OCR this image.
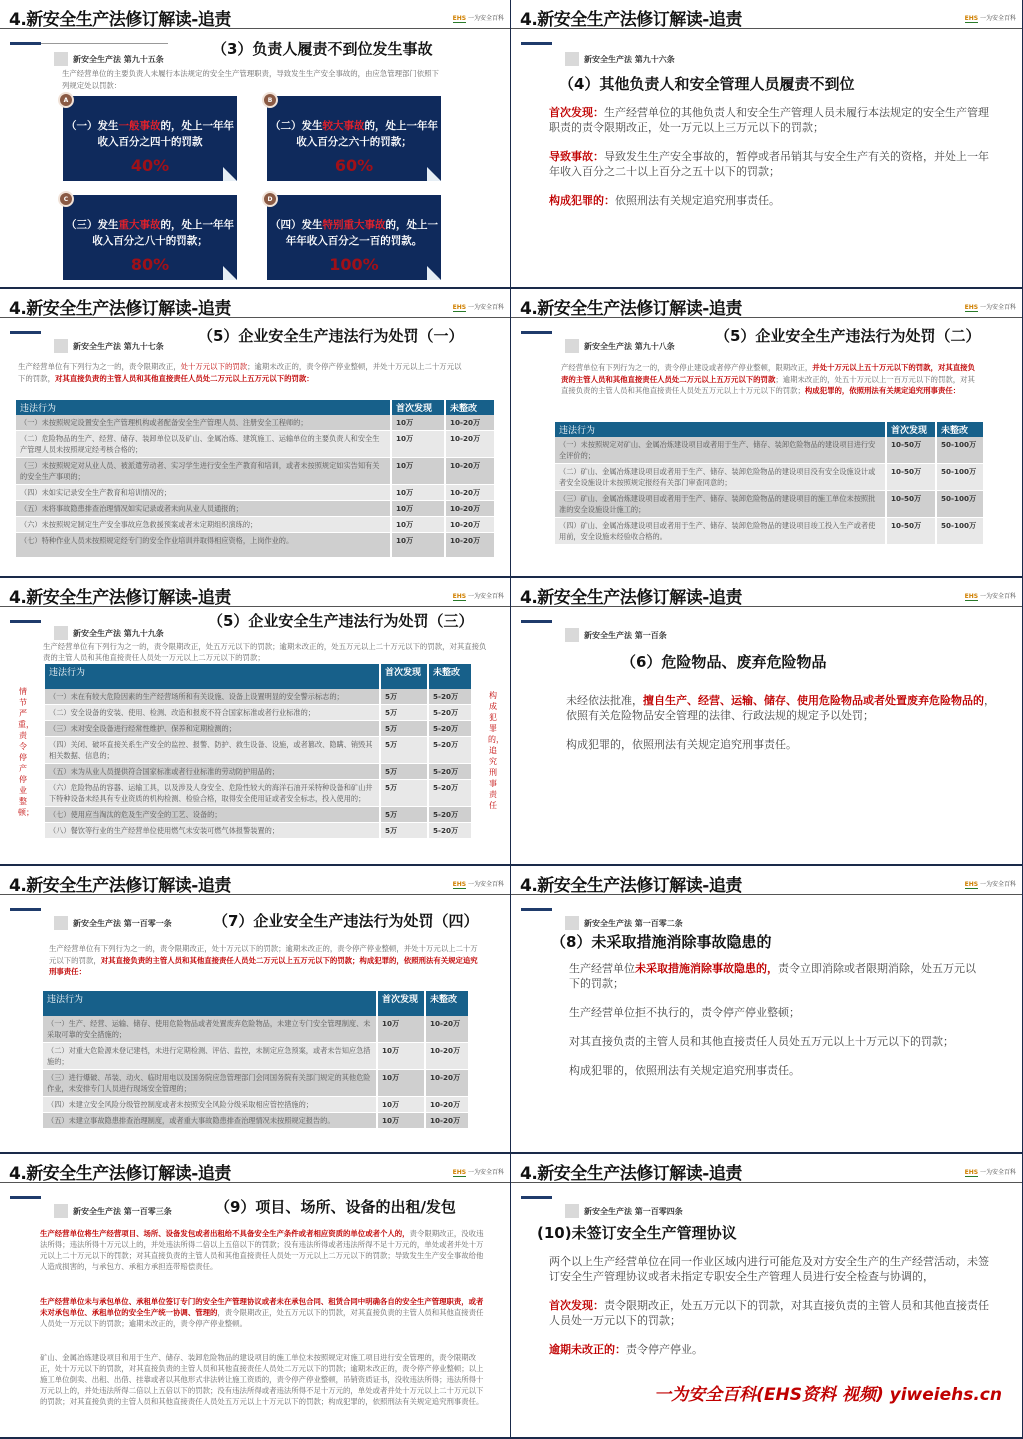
4.新安全生产法修订解读-追责	EHS 一为安全百科
新安全生产法 第九十五条
（3）负责人履责不到位发生事故
生产经营单位的主要负责人未履行本法规定的安全生产管理职责，导致发生生产安全事故的，由应急管理部门依照下列规定处以罚款：
（一）发生一般事故的，处上一年年收入百分之四十的罚款
40%
A
（二）发生较大事故的，处上一年年收入百分之六十的罚款；
60%
B
（三）发生重大事故的，处上一年年收入百分之八十的罚款；
80%
C
（四）发生特别重大事故的，处上一年年收入百分之一百的罚款。
100%
D
4.新安全生产法修订解读-追责	EHS 一为安全百科
新安全生产法 第九十六条
（4）其他负责人和安全管理人员履责不到位

首次发现：生产经营单位的其他负责人和安全生产管理人员未履行本法规定的安全生产管理职责的责令限期改正，处一万元以上三万元以下的罚款；

导致事故：导致发生生产安全事故的，暂停或者吊销其与安全生产有关的资格，并处上一年年收入百分之二十以上百分之五十以下的罚款；

构成犯罪的：依照刑法有关规定追究刑事责任。

4.新安全生产法修订解读-追责	EHS 一为安全百科
新安全生产法 第九十七条
（5）企业安全生产违法行为处罚（一）
生产经营单位有下列行为之一的，责令限期改正，处十万元以下的罚款；逾期未改正的，责令停产停业整顿，并处十万元以上二十万元以下的罚款，对其直接负责的主管人员和其他直接责任人员处二万元以上五万元以下的罚款：
违法行为	首次发现	未整改
（一）未按照规定设置安全生产管理机构或者配备安全生产管理人员、注册安全工程师的；	10万	10-20万
（二）危险物品的生产、经营、储存、装卸单位以及矿山、金属冶炼、建筑施工、运输单位的主要负责人和安全生产管理人员未按照规定经考核合格的；	10万	10-20万
（三）未按照规定对从业人员、被派遣劳动者、实习学生进行安全生产教育和培训，或者未按照规定如实告知有关的安全生产事项的；	10万	10-20万
（四）未如实记录安全生产教育和培训情况的；	10万	10-20万
（五）未将事故隐患排查治理情况如实记录或者未向从业人员通报的；	10万	10-20万
（六）未按照规定制定生产安全事故应急救援预案或者未定期组织演练的；	10万	10-20万
（七）特种作业人员未按照规定经专门的安全作业培训并取得相应资格，上岗作业的。	10万	10-20万
4.新安全生产法修订解读-追责	EHS 一为安全百科
新安全生产法 第九十八条
（5）企业安全生产违法行为处罚（二）
产经营单位有下列行为之一的，责令停止建设或者停产停业整顿，限期改正，并处十万元以上五十万元以下的罚款，对其直接负责的主管人员和其他直接责任人员处二万元以上五万元以下的罚款；逾期未改正的，处五十万元以上一百万元以下的罚款，对其直接负责的主管人员和其他直接责任人员处五万元以上十万元以下的罚款；构成犯罪的，依照刑法有关规定追究刑事责任：
违法行为	首次发现	未整改
（一）未按照规定对矿山、金属冶炼建设项目或者用于生产、储存、装卸危险物品的建设项目进行安全评价的；	10-50万	50-100万
（二）矿山、金属冶炼建设项目或者用于生产、储存、装卸危险物品的建设项目没有安全设施设计或者安全设施设计未按照规定报经有关部门审查同意的；	10-50万	50-100万
（三）矿山、金属冶炼建设项目或者用于生产、储存、装卸危险物品的建设项目的施工单位未按照批准的安全设施设计施工的；	10-50万	50-100万
（四）矿山、金属冶炼建设项目或者用于生产、储存、装卸危险物品的建设项目竣工投入生产或者使用前，安全设施未经验收合格的。	10-50万	50-100万
4.新安全生产法修订解读-追责	EHS 一为安全百科
新安全生产法 第九十九条
（5）企业安全生产违法行为处罚（三）
生产经营单位有下列行为之一的，责令限期改正，处五万元以下的罚款；逾期未改正的，处五万元以上二十万元以下的罚款，对其直接负责的主管人员和其他直接责任人员处一万元以上二万元以下的罚款；
情节严重，责令停产停业整顿；
构成犯罪的，追究刑事责任
违法行为	首次发现	未整改
（一）未在有较大危险因素的生产经营场所和有关设施、设备上设置明显的安全警示标志的；	5万	5-20万
（二）安全设备的安装、使用、检测、改造和报废不符合国家标准或者行业标准的；	5万	5-20万
（三）未对安全设备进行经常性维护、保养和定期检测的；	5万	5-20万
（四）关闭、破坏直接关系生产安全的监控、报警、防护、救生设备、设施，或者篡改、隐瞒、销毁其相关数据、信息的；	5万	5-20万
（五）未为从业人员提供符合国家标准或者行业标准的劳动防护用品的；	5万	5-20万
（六）危险物品的容器、运输工具，以及涉及人身安全、危险性较大的海洋石油开采特种设备和矿山井下特种设备未经具有专业资质的机构检测、检验合格，取得安全使用证或者安全标志，投入使用的；	5万	5-20万
（七）使用应当淘汰的危及生产安全的工艺、设备的；	5万	5-20万
（八）餐饮等行业的生产经营单位使用燃气未安装可燃气体报警装置的；	5万	5-20万
4.新安全生产法修订解读-追责	EHS 一为安全百科
新安全生产法 第一百条
（6）危险物品、废弃危险物品

未经依法批准，擅自生产、经营、运输、储存、使用危险物品或者处置废弃危险物品的，依照有关危险物品安全管理的法律、行政法规的规定予以处罚；

构成犯罪的，依照刑法有关规定追究刑事责任。

4.新安全生产法修订解读-追责	EHS 一为安全百科
新安全生产法 第一百零一条	（7）企业安全生产违法行为处罚（四）
生产经营单位有下列行为之一的，责令限期改正，处十万元以下的罚款；逾期未改正的，责令停产停业整顿，并处十万元以上二十万元以下的罚款，对其直接负责的主管人员和其他直接责任人员处二万元以上五万元以下的罚款；构成犯罪的，依照刑法有关规定追究刑事责任：
违法行为	首次发现	未整改
（一）生产、经营、运输、储存、使用危险物品或者处置废弃危险物品，未建立专门安全管理制度、未采取可靠的安全措施的；	10万	10-20万
（二）对重大危险源未登记建档，未进行定期检测、评估、监控，未制定应急预案，或者未告知应急措施的；	10万	10-20万
（三）进行爆破、吊装、动火、临时用电以及国务院应急管理部门会同国务院有关部门规定的其他危险作业，未安排专门人员进行现场安全管理的；	10万	10-20万
（四）未建立安全风险分级管控制度或者未按照安全风险分级采取相应管控措施的；	10万	10-20万
（五）未建立事故隐患排查治理制度，或者重大事故隐患排查治理情况未按照规定报告的。	10万	10-20万
4.新安全生产法修订解读-追责	EHS 一为安全百科
新安全生产法 第一百零二条
（8）未采取措施消除事故隐患的

生产经营单位未采取措施消除事故隐患的，责令立即消除或者限期消除，处五万元以下的罚款；

生产经营单位拒不执行的，责令停产停业整顿；

对其直接负责的主管人员和其他直接责任人员处五万元以上十万元以下的罚款；

构成犯罪的，依照刑法有关规定追究刑事责任。

4.新安全生产法修订解读-追责	EHS 一为安全百科
新安全生产法 第一百零三条	（9）项目、场所、设备的出租/发包
生产经营单位将生产经营项目、场所、设备发包或者出租给不具备安全生产条件或者相应资质的单位或者个人的，责令限期改正，没收违法所得；违法所得十万元以上的，并处违法所得二倍以上五倍以下的罚款；没有违法所得或者违法所得不足十万元的，单处或者并处十万元以上二十万元以下的罚款；对其直接负责的主管人员和其他直接责任人员处一万元以上二万元以下的罚款；导致发生生产安全事故给他人造成损害的，与承包方、承租方承担连带赔偿责任。
生产经营单位未与承包单位、承租单位签订专门的安全生产管理协议或者未在承包合同、租赁合同中明确各自的安全生产管理职责，或者未对承包单位、承租单位的安全生产统一协调、管理的，责令限期改正，处五万元以下的罚款，对其直接负责的主管人员和其他直接责任人员处一万元以下的罚款；逾期未改正的，责令停产停业整顿。
矿山、金属冶炼建设项目和用于生产、储存、装卸危险物品的建设项目的施工单位未按照规定对施工项目进行安全管理的，责令限期改正，处十万元以下的罚款，对其直接负责的主管人员和其他直接责任人员处二万元以下的罚款；逾期未改正的，责令停产停业整顿；以上施工单位倒卖、出租、出借、挂靠或者以其他形式非法转让施工资质的，责令停产停业整顿，吊销资质证书，没收违法所得；违法所得十万元以上的，并处违法所得二倍以上五倍以下的罚款；没有违法所得或者违法所得不足十万元的，单处或者并处十万元以上二十万元以下的罚款；对其直接负责的主管人员和其他直接责任人员处五万元以上十万元以下的罚款；构成犯罪的，依照刑法有关规定追究刑事责任。
4.新安全生产法修订解读-追责	EHS 一为安全百科
新安全生产法 第一百零四条
(10)未签订安全生产管理协议

两个以上生产经营单位在同一作业区域内进行可能危及对方安全生产的生产经营活动，未签订安全生产管理协议或者未指定专职安全生产管理人员进行安全检查与协调的，

首次发现：责令限期改正，处五万元以下的罚款，对其直接负责的主管人员和其他直接责任人员处一万元以下的罚款；

逾期未改正的：责令停产停业。

一为安全百科(EHS资料 视频) yiweiehs.cn
